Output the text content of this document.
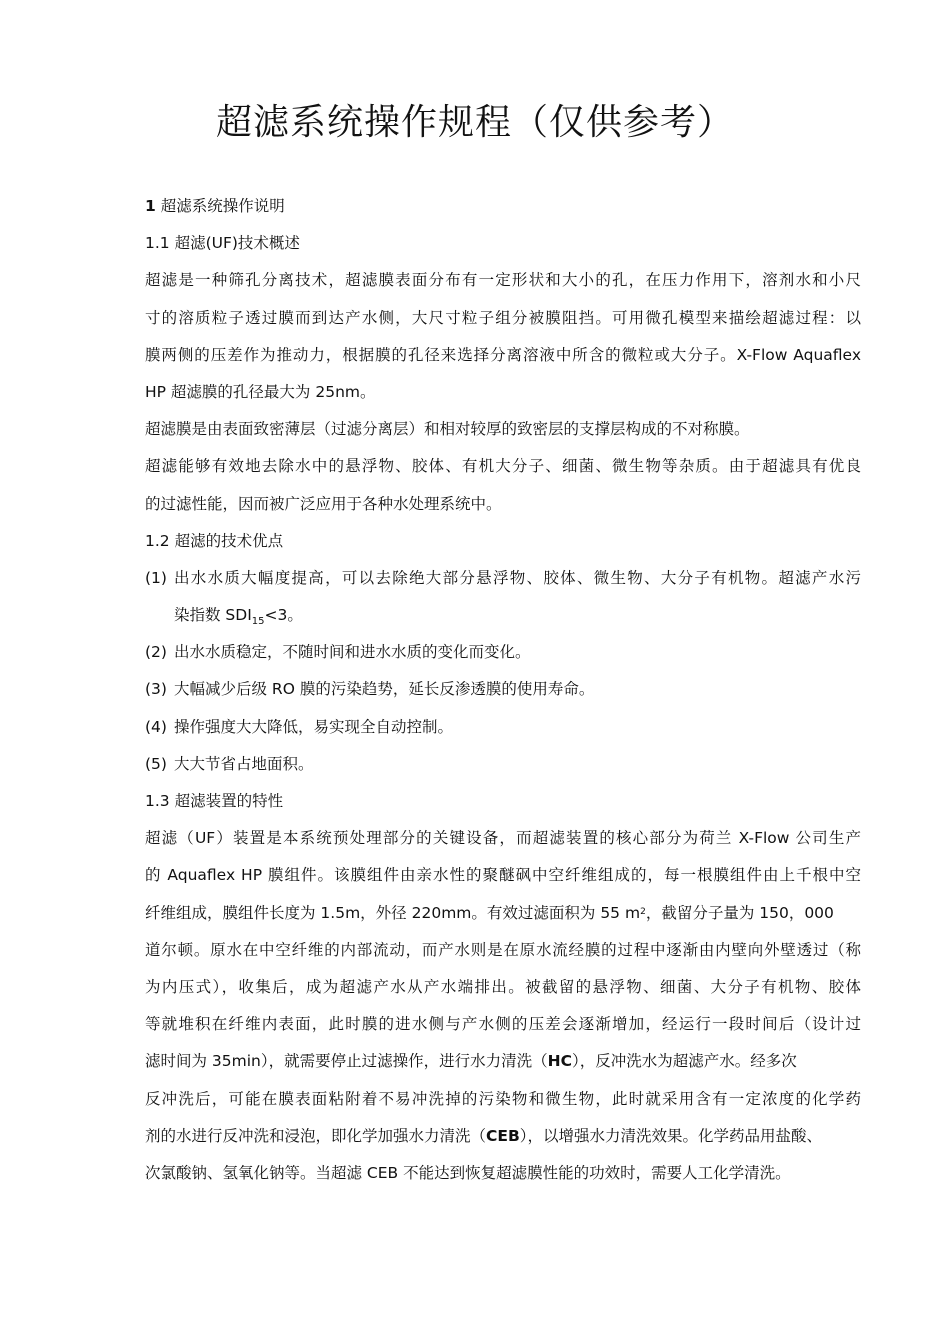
超滤系统操作规程（仅供参考）
1 超滤系统操作说明
1.1 超滤(UF)技术概述
超滤是一种筛孔分离技术，超滤膜表面分布有一定形状和大小的孔，在压力作用下，溶剂水和小尺
寸的溶质粒子透过膜而到达产水侧，大尺寸粒子组分被膜阻挡。可用微孔模型来描绘超滤过程：以
膜两侧的压差作为推动力，根据膜的孔径来选择分离溶液中所含的微粒或大分子。X-Flow Aquaflex
HP 超滤膜的孔径最大为 25nm。
超滤膜是由表面致密薄层（过滤分离层）和相对较厚的致密层的支撑层构成的不对称膜。
超滤能够有效地去除水中的悬浮物、胶体、有机大分子、细菌、微生物等杂质。由于超滤具有优良
的过滤性能，因而被广泛应用于各种水处理系统中。
1.2 超滤的技术优点
(1) 出水水质大幅度提高，可以去除绝大部分悬浮物、胶体、微生物、大分子有机物。超滤产水污
染指数 $SDI_{15}<3$。
(2) 出水水质稳定，不随时间和进水水质的变化而变化。
(3) 大幅减少后级 RO 膜的污染趋势，延长反渗透膜的使用寿命。
(4) 操作强度大大降低，易实现全自动控制。
(5) 大大节省占地面积。
1.3 超滤装置的特性
超滤（UF）装置是本系统预处理部分的关键设备，而超滤装置的核心部分为荷兰 X-Flow 公司生产
的 Aquaflex HP 膜组件。该膜组件由亲水性的聚醚砜中空纤维组成的，每一根膜组件由上千根中空
纤维组成，膜组件长度为 1.5m，外径 220mm。有效过滤面积为 55 $m^2$，截留分子量为 150，000
道尔顿。原水在中空纤维的内部流动，而产水则是在原水流经膜的过程中逐渐由内壁向外壁透过（称
为内压式），收集后，成为超滤产水从产水端排出。被截留的悬浮物、细菌、大分子有机物、胶体
等就堆积在纤维内表面，此时膜的进水侧与产水侧的压差会逐渐增加，经运行一段时间后（设计过
滤时间为 35min），就需要停止过滤操作，进行水力清洗（HC），反冲洗水为超滤产水。经多次
反冲洗后，可能在膜表面粘附着不易冲洗掉的污染物和微生物，此时就采用含有一定浓度的化学药
剂的水进行反冲洗和浸泡，即化学加强水力清洗（CEB），以增强水力清洗效果。化学药品用盐酸、
次氯酸钠、氢氧化钠等。当超滤 CEB 不能达到恢复超滤膜性能的功效时，需要人工化学清洗。
